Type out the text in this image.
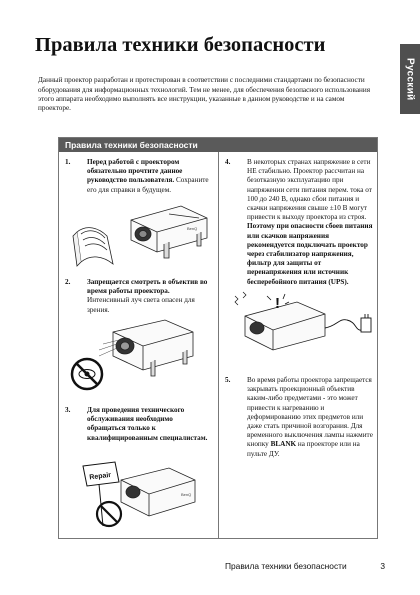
Правила техники безопасности
Русский

Данный проектор разработан и протестирован в соответствии с последними стандартами по безопасности оборудования для информационных технологий. Тем не менее, для обеспечения безопасного использования этого аппарата необходимо выполнять все инструкции, указанные в данном руководстве и на самом проекторе.

Правила техники безопасности
1.	Перед работой с проектором обязательно прочтите данное руководство пользователя. Сохраните его для справки в будущем.
BenQ
2.	Запрещается смотреть в объектив во время работы проектора. Интенсивный луч света опасен для зрения.
3.	Для проведения технического обслуживания необходимо обращаться только к квалифицированным специалистам.
Repair
BenQ
4.	В некоторых странах напряжение в сети НЕ стабильно. Проектор рассчитан на безотказную эксплуатацию при напряжении сети питания перем. тока от 100 до 240 В, однако сбои питания и скачки напряжения свыше ±10 В могут привести к выходу проектора из строя. Поэтому при опасности сбоев питания или скачков напряжения рекомендуется подключать проектор через стабилизатор напряжения, фильтр для защиты от перенапряжения или источник бесперебойного питания (UPS).
!
5.	Во время работы проектора запрещается закрывать проекционный объектив каким-либо предметами - это может привести к нагреванию и деформированию этих предметов или даже стать причиной возгорания. Для временного выключения лампы нажмите кнопку BLANK на проекторе или на пульте ДУ.
Правила техники безопасности	3
